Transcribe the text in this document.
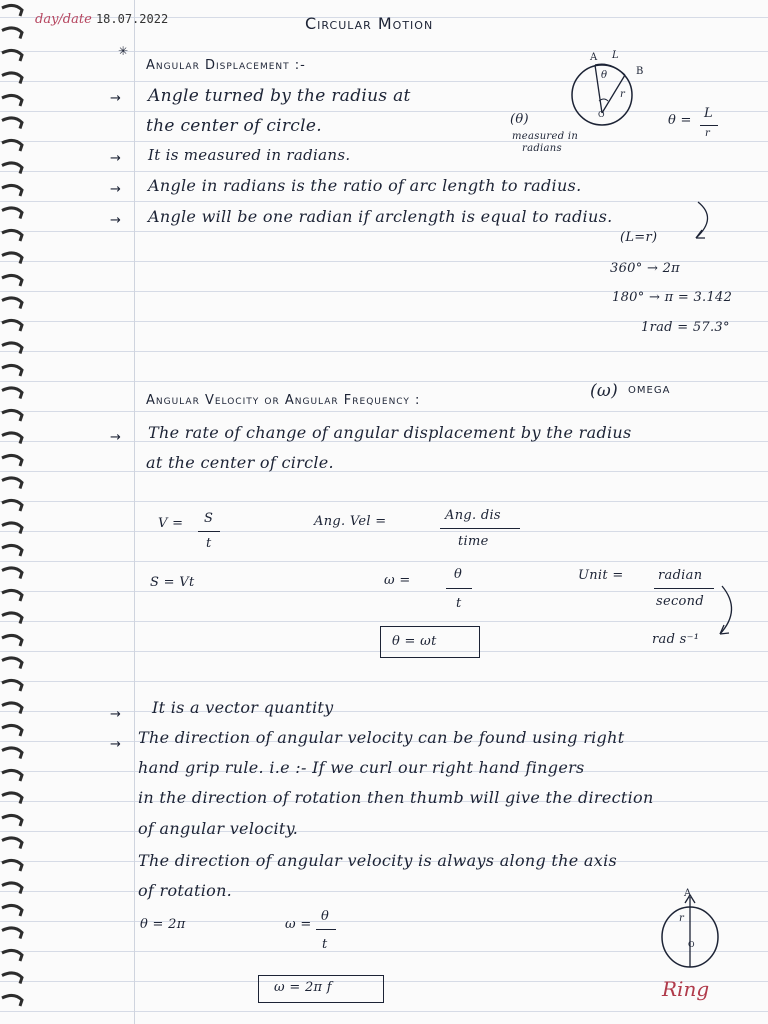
day/date 18.07.2022	Circular Motion
✳
Angular Displacement :-
→ Angle turned by the radius at
the center of circle.
→ It is measured in radians.
→ Angle in radians is the ratio of arc length to radius.
→ Angle will be one radian if arclength is equal to radius.
A L
B
θ
r
O
(θ)
measured in
radians
θ = L
r
(L=r)
360° → 2π
180° → π = 3.142
1rad = 57.3°
Angular Velocity or Angular Frequency :	(ω) OMEGA
→ The rate of change of angular displacement by the radius
at the center of circle.
V = S
t
Ang. Vel =	Ang. dis
time
S = Vt	ω =	θ
t
Unit =	radian
second
θ = ωt	rad s⁻¹
→ It is a vector quantity
→ The direction of angular velocity can be found using right
hand grip rule. i.e :- If we curl our right hand fingers
in the direction of rotation then thumb will give the direction
of angular velocity.
The direction of angular velocity is always along the axis
of rotation.
θ = 2π	ω =
θ
t
ω = 2π f
A
r
O
Ring
